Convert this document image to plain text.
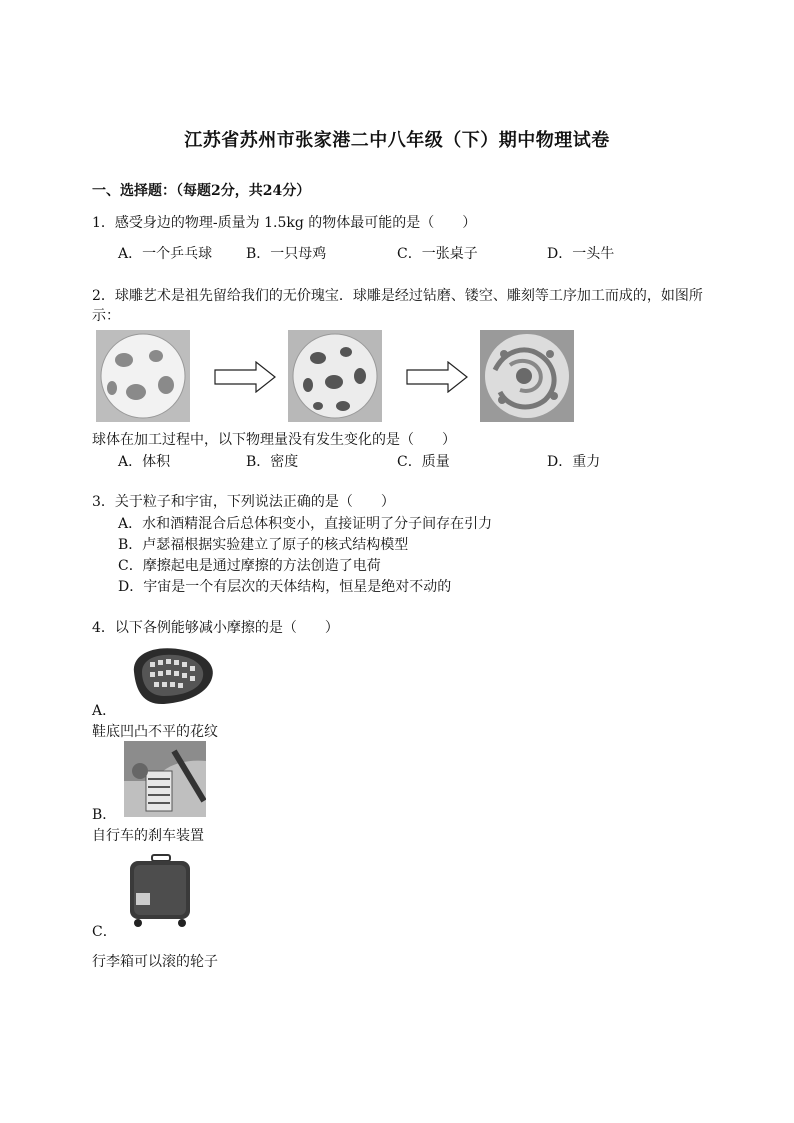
江苏省苏州市张家港二中八年级（下）期中物理试卷
一、选择题：（每题2分，共24分）
1．感受身边的物理-质量为 1.5kg 的物体最可能的是（　　）
A．一个乒乓球 B．一只母鸡	C．一张桌子	D．一头牛
2．球雕艺术是祖先留给我们的无价瑰宝．球雕是经过钻磨、镂空、雕刻等工序加工而成的，如图所
示：
球体在加工过程中，以下物理量没有发生变化的是（　　）
A．体积	B．密度	C．质量	D．重力
3．关于粒子和宇宙，下列说法正确的是（　　）
A．水和酒精混合后总体积变小，直接证明了分子间存在引力
B．卢瑟福根据实验建立了原子的核式结构模型
C．摩擦起电是通过摩擦的方法创造了电荷
D．宇宙是一个有层次的天体结构，恒星是绝对不动的
4．以下各例能够减小摩擦的是（　　）
A．
鞋底凹凸不平的花纹
B．
自行车的刹车装置
C．
行李箱可以滚的轮子
